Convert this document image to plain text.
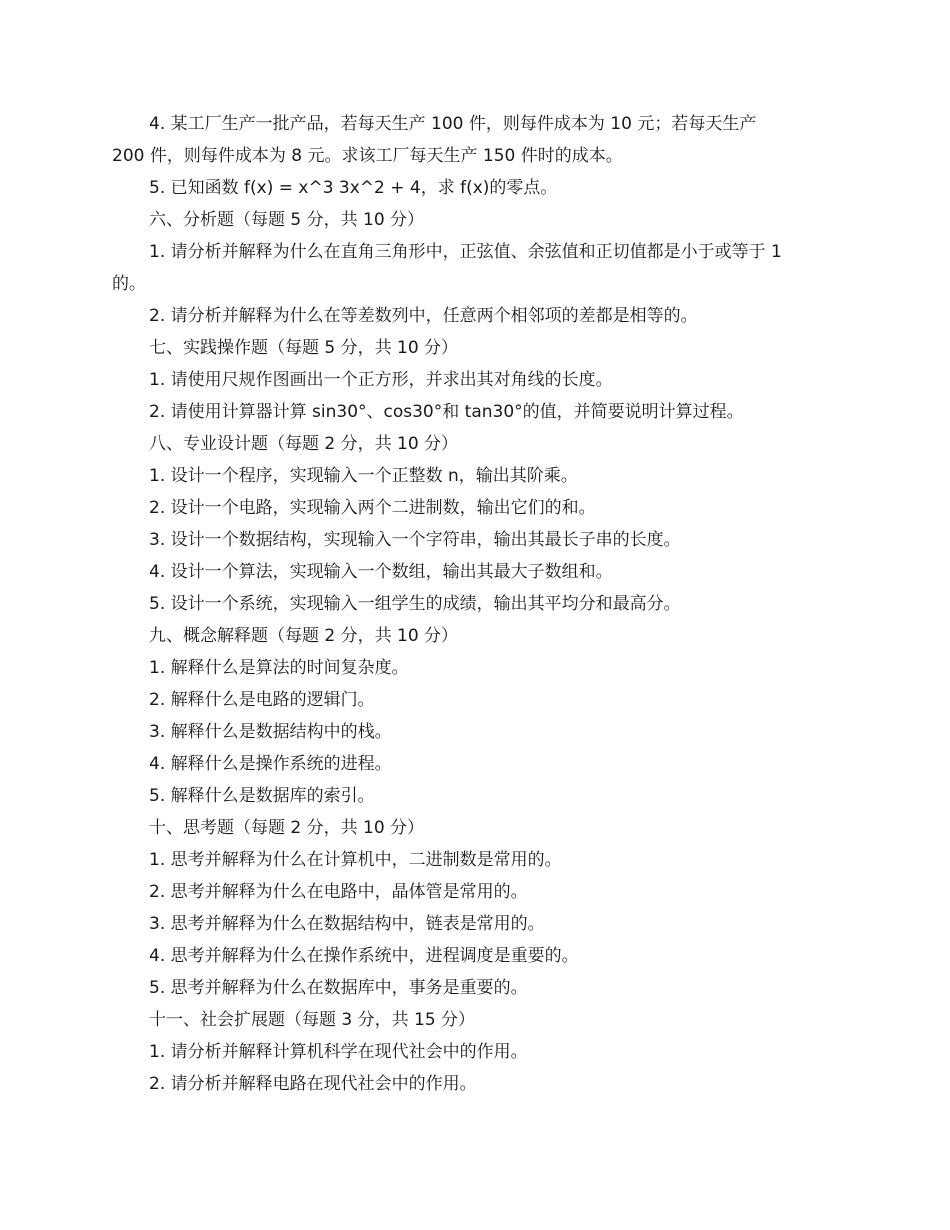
4. 某工厂生产一批产品，若每天生产 100 件，则每件成本为 10 元；若每天生产

200 件，则每件成本为 8 元。求该工厂每天生产 150 件时的成本。

5. 已知函数 f(x) = x^3 3x^2 + 4，求 f(x)的零点。

六、分析题（每题 5 分，共 10 分）

1. 请分析并解释为什么在直角三角形中，正弦值、余弦值和正切值都是小于或等于 1

的。

2. 请分析并解释为什么在等差数列中，任意两个相邻项的差都是相等的。

七、实践操作题（每题 5 分，共 10 分）

1. 请使用尺规作图画出一个正方形，并求出其对角线的长度。

2. 请使用计算器计算 sin30°、cos30°和 tan30°的值，并简要说明计算过程。

八、专业设计题（每题 2 分，共 10 分）

1. 设计一个程序，实现输入一个正整数 n，输出其阶乘。

2. 设计一个电路，实现输入两个二进制数，输出它们的和。

3. 设计一个数据结构，实现输入一个字符串，输出其最长子串的长度。

4. 设计一个算法，实现输入一个数组，输出其最大子数组和。

5. 设计一个系统，实现输入一组学生的成绩，输出其平均分和最高分。

九、概念解释题（每题 2 分，共 10 分）

1. 解释什么是算法的时间复杂度。

2. 解释什么是电路的逻辑门。

3. 解释什么是数据结构中的栈。

4. 解释什么是操作系统的进程。

5. 解释什么是数据库的索引。

十、思考题（每题 2 分，共 10 分）

1. 思考并解释为什么在计算机中，二进制数是常用的。

2. 思考并解释为什么在电路中，晶体管是常用的。

3. 思考并解释为什么在数据结构中，链表是常用的。

4. 思考并解释为什么在操作系统中，进程调度是重要的。

5. 思考并解释为什么在数据库中，事务是重要的。

十一、社会扩展题（每题 3 分，共 15 分）

1. 请分析并解释计算机科学在现代社会中的作用。

2. 请分析并解释电路在现代社会中的作用。
